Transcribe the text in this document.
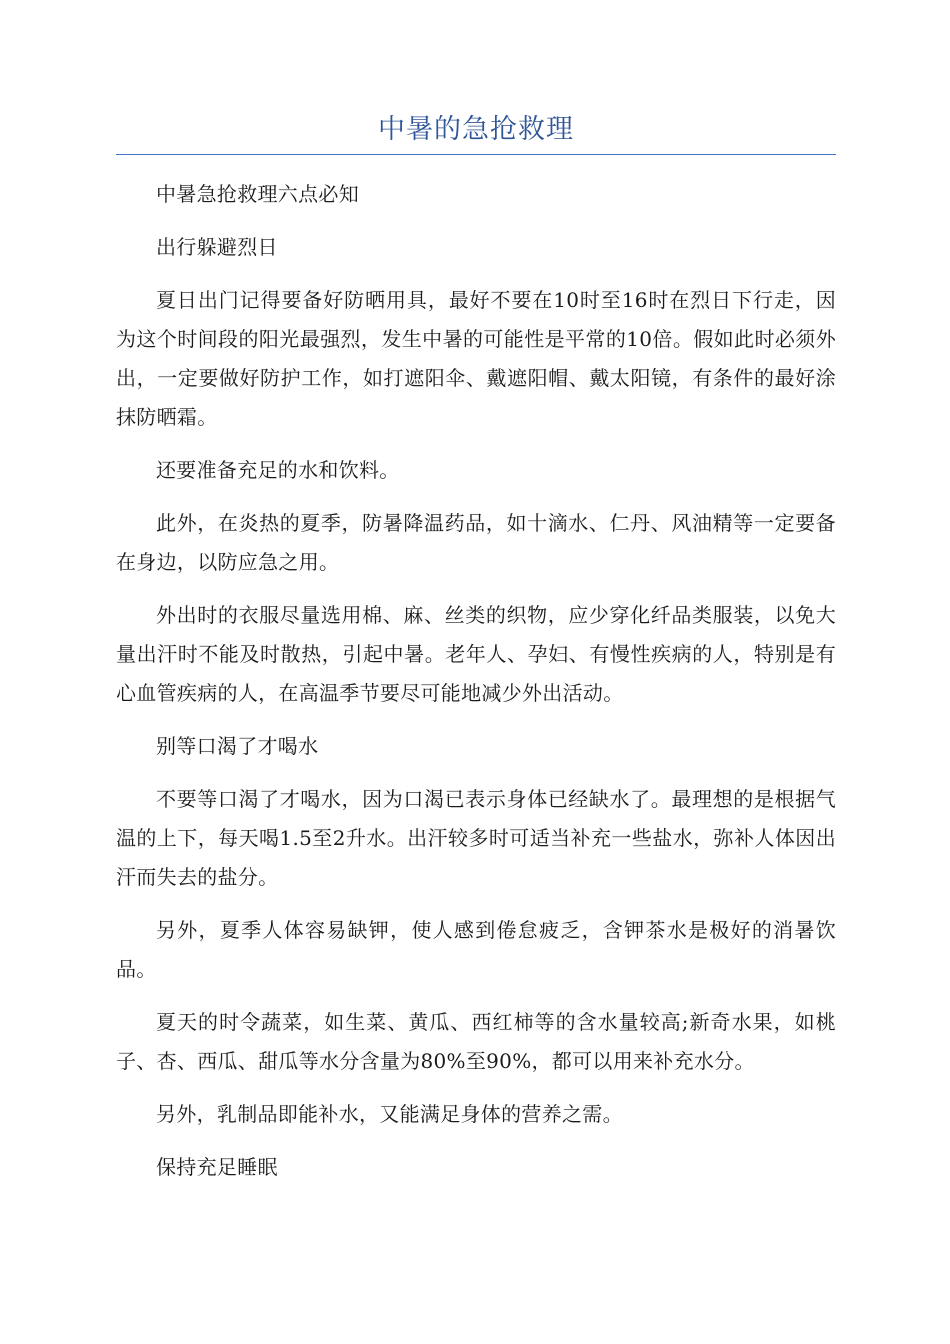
中暑的急抢救理

中暑急抢救理六点必知

出行躲避烈日

夏日出门记得要备好防晒用具，最好不要在10时至16时在烈日下行走，因为这个时间段的阳光最强烈，发生中暑的可能性是平常的10倍。假如此时必须外出，一定要做好防护工作，如打遮阳伞、戴遮阳帽、戴太阳镜，有条件的最好涂抹防晒霜。

还要准备充足的水和饮料。

此外，在炎热的夏季，防暑降温药品，如十滴水、仁丹、风油精等一定要备在身边，以防应急之用。

外出时的衣服尽量选用棉、麻、丝类的织物，应少穿化纤品类服装，以免大量出汗时不能及时散热，引起中暑。老年人、孕妇、有慢性疾病的人，特别是有心血管疾病的人，在高温季节要尽可能地减少外出活动。

别等口渴了才喝水

不要等口渴了才喝水，因为口渴已表示身体已经缺水了。最理想的是根据气温的上下，每天喝1.5至2升水。出汗较多时可适当补充一些盐水，弥补人体因出汗而失去的盐分。

另外，夏季人体容易缺钾，使人感到倦怠疲乏，含钾茶水是极好的消暑饮品。

夏天的时令蔬菜，如生菜、黄瓜、西红柿等的含水量较高;新奇水果，如桃子、杏、西瓜、甜瓜等水分含量为80%至90%，都可以用来补充水分。

另外，乳制品即能补水，又能满足身体的营养之需。

保持充足睡眠
